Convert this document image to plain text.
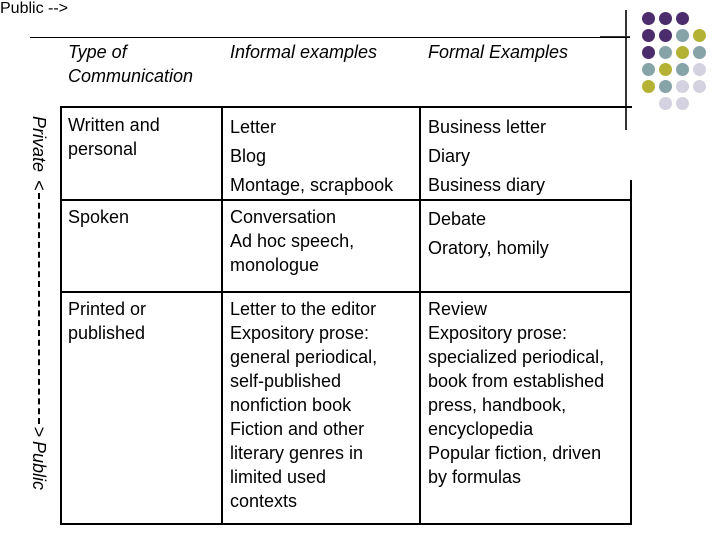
Public -->
Private
<
>
Public
Type of
Communication
Informal examples	Formal Examples
Written and
personal
Letter
Blog
Montage, scrapbook
Business letter
Diary
Business diary
Spoken	Conversation
Ad hoc speech,
monologue
Debate
Oratory, homily
Printed or
published
Letter to the editor
Expository prose:
general periodical,
self-published
nonfiction book
Fiction and other
literary genres in
limited used
contexts
Review
Expository prose:
specialized periodical,
book from established
press, handbook,
encyclopedia
Popular fiction, driven
by formulas
